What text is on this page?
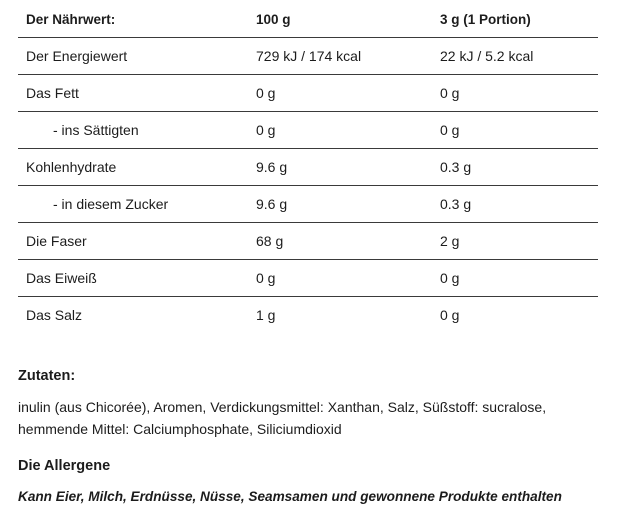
Der Nährwert:	100 g	3 g (1 Portion)
Der Energiewert	729 kJ / 174 kcal	22 kJ / 5.2 kcal
Das Fett	0 g	0 g
- ins Sättigten	0 g	0 g
Kohlenhydrate	9.6 g	0.3 g
- in diesem Zucker	9.6 g	0.3 g
Die Faser	68 g	2 g
Das Eiweiß	0 g	0 g
Das Salz	1 g	0 g
Zutaten:

inulin (aus Chicorée), Aromen, Verdickungsmittel: Xanthan, Salz, Süßstoff: sucralose, hemmende Mittel: Calciumphosphate, Siliciumdioxid

Die Allergene

Kann Eier, Milch, Erdnüsse, Nüsse, Seamsamen und gewonnene Produkte enthalten
